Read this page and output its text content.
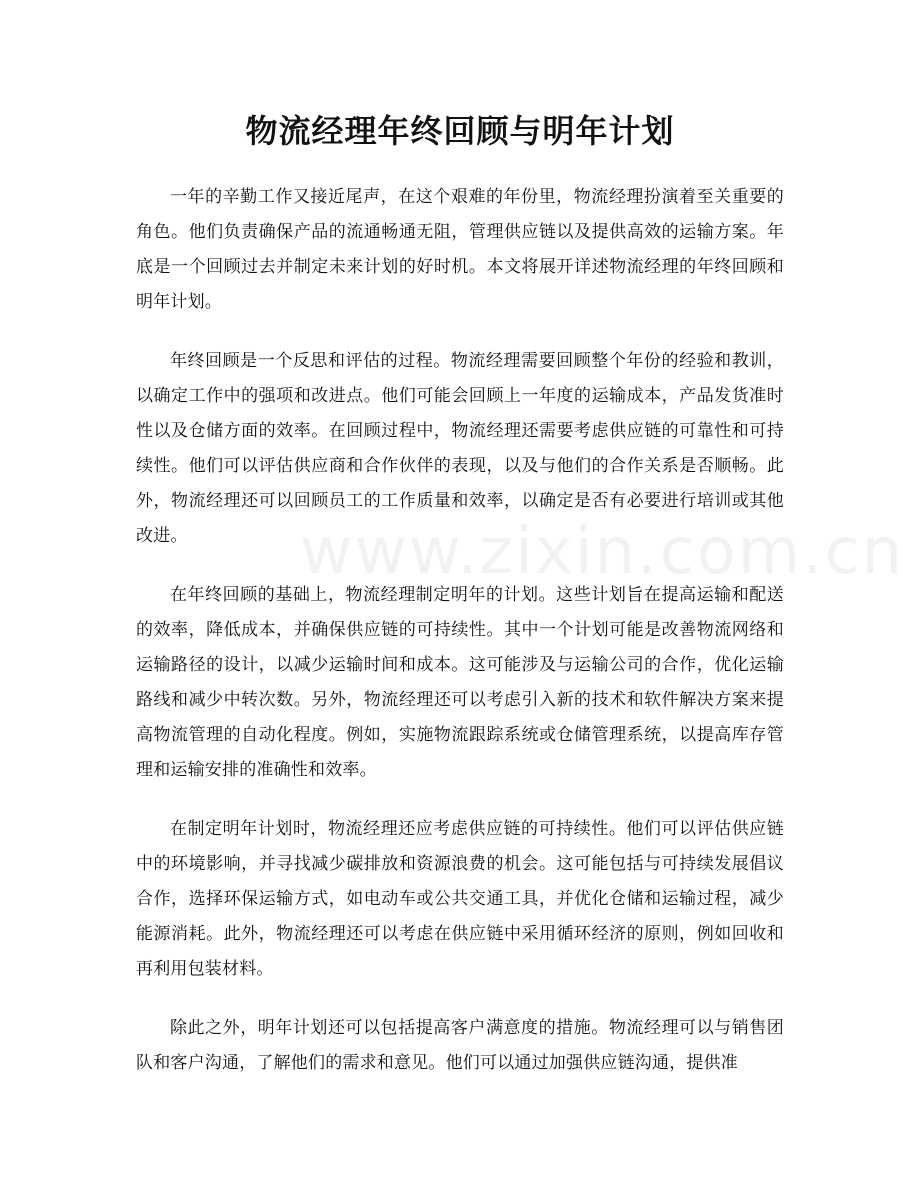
www.zixin.com.cn
物流经理年终回顾与明年计划

一年的辛勤工作又接近尾声，在这个艰难的年份里，物流经理扮演着至关重要的角色。他们负责确保产品的流通畅通无阻，管理供应链以及提供高效的运输方案。年底是一个回顾过去并制定未来计划的好时机。本文将展开详述物流经理的年终回顾和明年计划。

年终回顾是一个反思和评估的过程。物流经理需要回顾整个年份的经验和教训，以确定工作中的强项和改进点。他们可能会回顾上一年度的运输成本，产品发货准时性以及仓储方面的效率。在回顾过程中，物流经理还需要考虑供应链的可靠性和可持续性。他们可以评估供应商和合作伙伴的表现，以及与他们的合作关系是否顺畅。此外，物流经理还可以回顾员工的工作质量和效率，以确定是否有必要进行培训或其他改进。

在年终回顾的基础上，物流经理制定明年的计划。这些计划旨在提高运输和配送的效率，降低成本，并确保供应链的可持续性。其中一个计划可能是改善物流网络和运输路径的设计，以减少运输时间和成本。这可能涉及与运输公司的合作，优化运输路线和减少中转次数。另外，物流经理还可以考虑引入新的技术和软件解决方案来提高物流管理的自动化程度。例如，实施物流跟踪系统或仓储管理系统，以提高库存管理和运输安排的准确性和效率。

在制定明年计划时，物流经理还应考虑供应链的可持续性。他们可以评估供应链中的环境影响，并寻找减少碳排放和资源浪费的机会。这可能包括与可持续发展倡议合作，选择环保运输方式，如电动车或公共交通工具，并优化仓储和运输过程，减少能源消耗。此外，物流经理还可以考虑在供应链中采用循环经济的原则，例如回收和再利用包装材料。

除此之外，明年计划还可以包括提高客户满意度的措施。物流经理可以与销售团队和客户沟通，了解他们的需求和意见。他们可以通过加强供应链沟通，提供准
